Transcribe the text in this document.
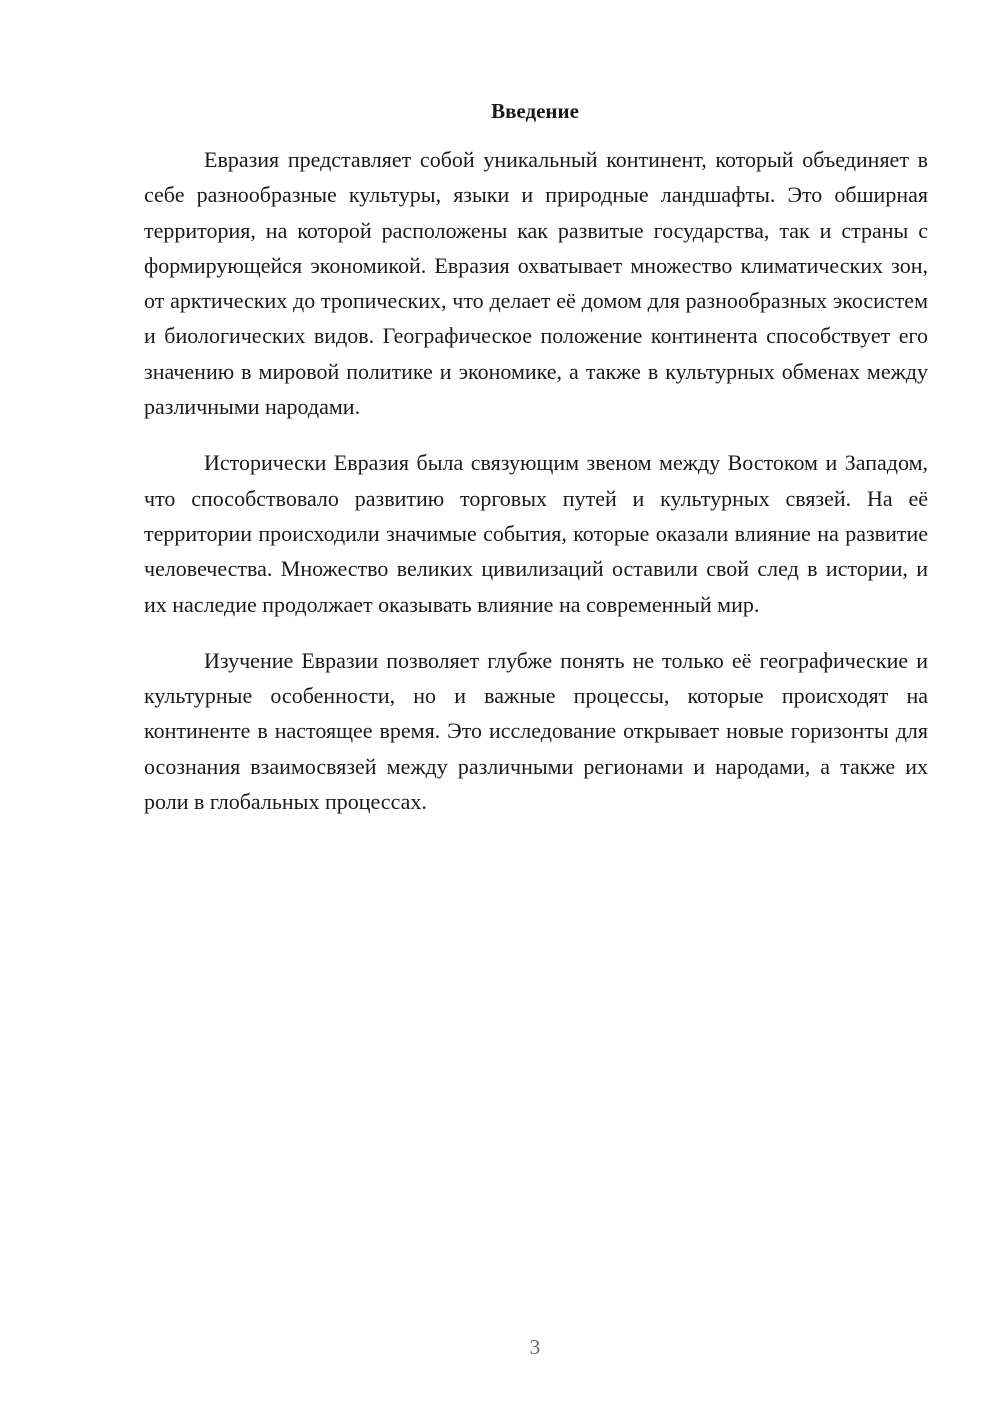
Введение

Евразия представляет собой уникальный континент, который объединяет в себе разнообразные культуры, языки и природные ландшафты. Это обширная территория, на которой расположены как развитые государства, так и страны с формирующейся экономикой. Евразия охватывает множество климатических зон, от арктических до тропических, что делает её домом для разнообразных экосистем и биологических видов. Географическое положение континента способствует его значению в мировой политике и экономике, а также в культурных обменах между различными народами.

Исторически Евразия была связующим звеном между Востоком и Западом, что способствовало развитию торговых путей и культурных связей. На её территории происходили значимые события, которые оказали влияние на развитие человечества. Множество великих цивилизаций оставили свой след в истории, и их наследие продолжает оказывать влияние на современный мир.

Изучение Евразии позволяет глубже понять не только её географические и культурные особенности, но и важные процессы, которые происходят на континенте в настоящее время. Это исследование открывает новые горизонты для осознания взаимосвязей между различными регионами и народами, а также их роли в глобальных процессах.

3
